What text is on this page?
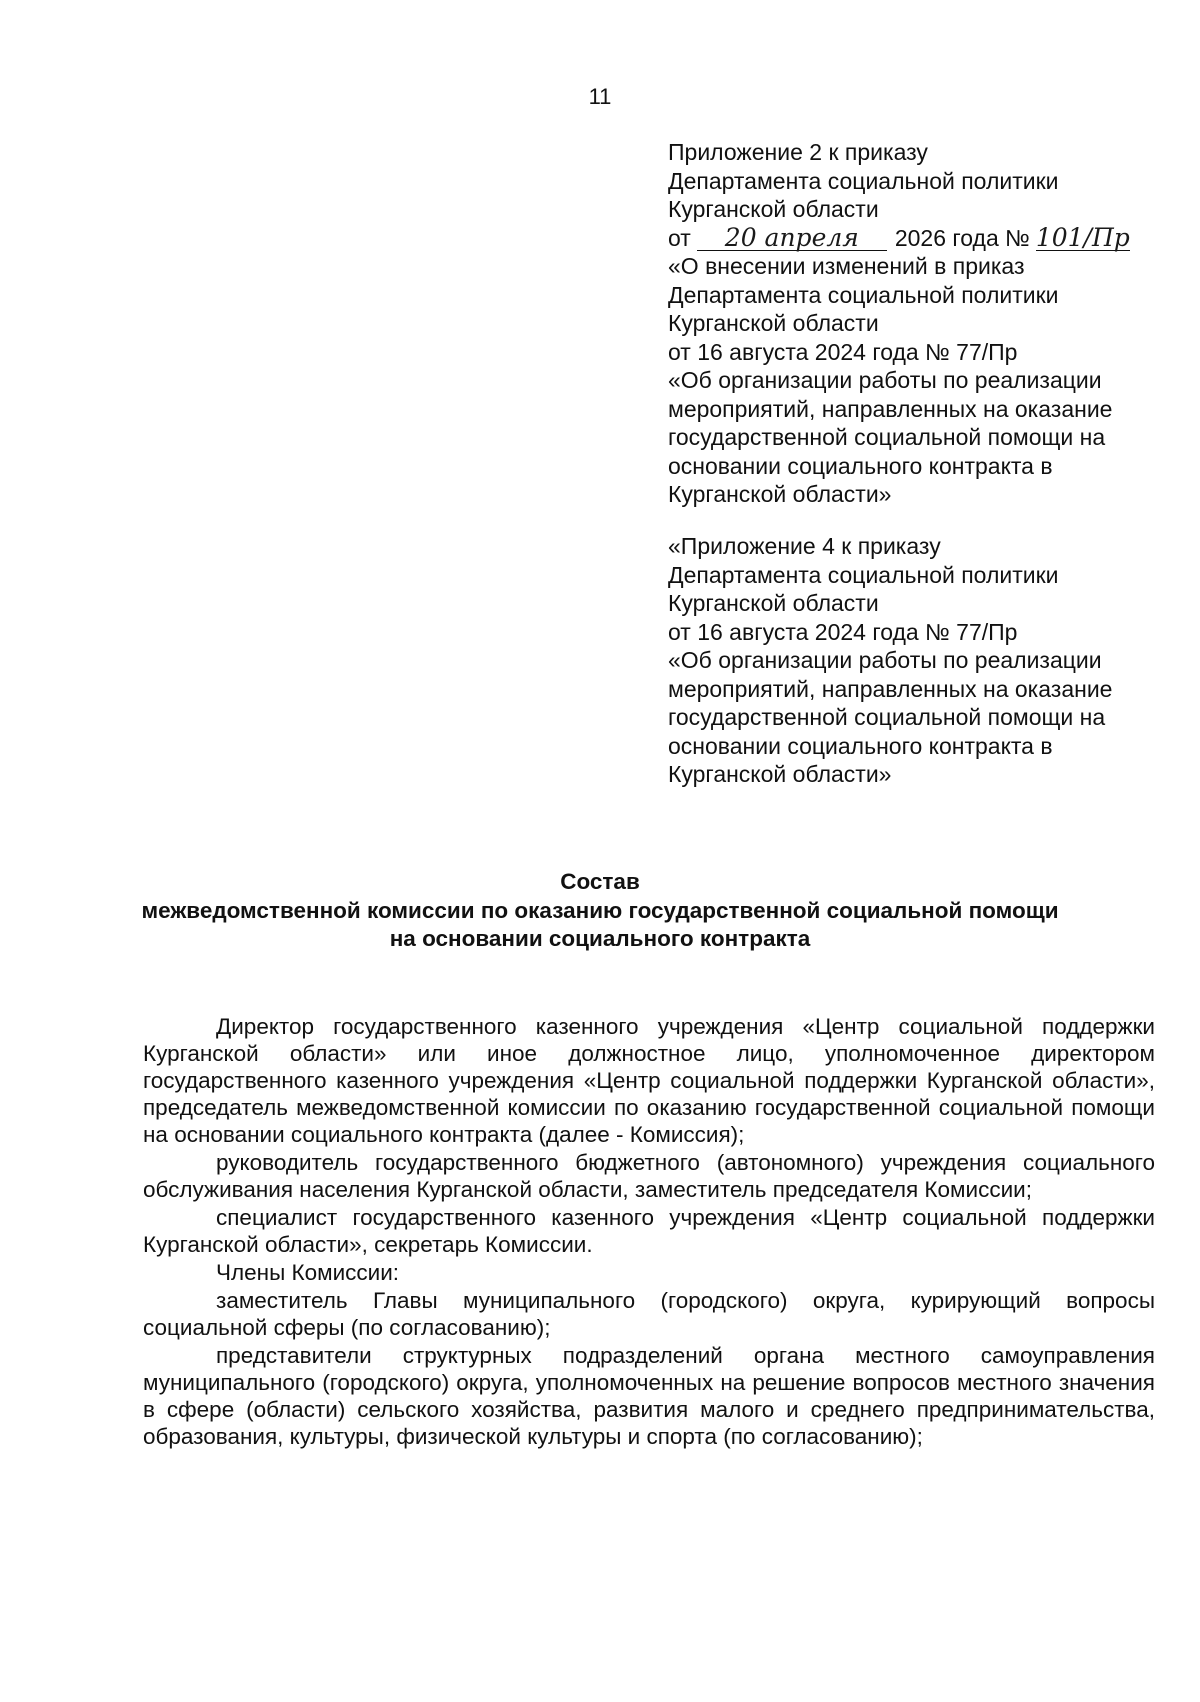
11
Приложение 2 к приказу
Департамента социальной политики
Курганской области
от 20 апреля 2026 года № 101/Пр
«О внесении изменений в приказ
Департамента социальной политики
Курганской области
от 16 августа 2024 года № 77/Пр
«Об организации работы по реализации
мероприятий, направленных на оказание
государственной социальной помощи на
основании социального контракта в
Курганской области»
«Приложение 4 к приказу
Департамента социальной политики
Курганской области
от 16 августа 2024 года № 77/Пр
«Об организации работы по реализации
мероприятий, направленных на оказание
государственной социальной помощи на
основании социального контракта в
Курганской области»
Состав
межведомственной комиссии по оказанию государственной социальной помощи
на основании социального контракта

Директор государственного казенного учреждения «Центр социальной поддержки Курганской области» или иное должностное лицо, уполномоченное директором государственного казенного учреждения «Центр социальной поддержки Курганской области», председатель межведомственной комиссии по оказанию государственной социальной помощи на основании социального контракта (далее - Комиссия);

руководитель государственного бюджетного (автономного) учреждения социального обслуживания населения Курганской области, заместитель председателя Комиссии;

специалист государственного казенного учреждения «Центр социальной поддержки Курганской области», секретарь Комиссии.

Члены Комиссии:

заместитель Главы муниципального (городского) округа, курирующий вопросы социальной сферы (по согласованию);

представители структурных подразделений органа местного самоуправления муниципального (городского) округа, уполномоченных на решение вопросов местного значения в сфере (области) сельского хозяйства, развития малого и среднего предпринимательства, образования, культуры, физической культуры и спорта (по согласованию);
